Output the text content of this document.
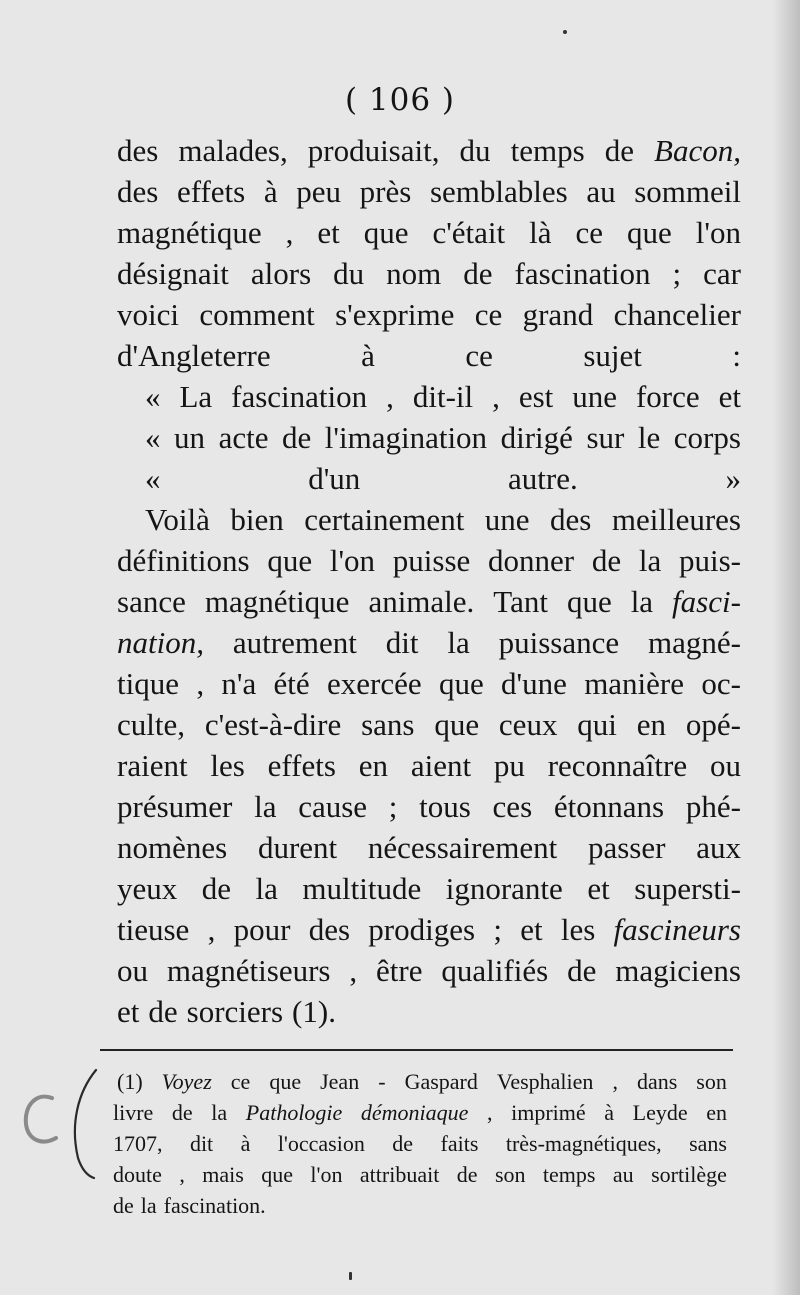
( 106 )
des malades, produisait, du temps de Bacon,
des effets à peu près semblables au sommeil
magnétique , et que c'était là ce que l'on
désignait alors du nom de fascination ; car
voici comment s'exprime ce grand chancelier
d'Angleterre	à	ce	sujet	:
« La fascination , dit-il , est une force et
« un acte de l'imagination dirigé sur le corps
«	d'un	autre.	»
Voilà bien certainement une des meilleures
définitions que l'on puisse donner de la puis-
sance magnétique animale. Tant que la fasci-
nation, autrement dit la puissance magné-
tique , n'a été exercée que d'une manière oc-
culte, c'est-à-dire sans que ceux qui en opé-
raient les effets en aient pu reconnaître ou
présumer la cause ; tous ces étonnans phé-
nomènes durent nécessairement passer aux
yeux de la multitude ignorante et supersti-
tieuse , pour des prodiges ; et les fascineurs
ou magnétiseurs , être qualifiés de magiciens
et de sorciers (1).
(1) Voyez ce que Jean - Gaspard Vesphalien , dans son
livre de la Pathologie démoniaque , imprimé à Leyde en
1707, dit à l'occasion de faits très-magnétiques, sans
doute , mais que l'on attribuait de son temps au sortilège
de la fascination.
